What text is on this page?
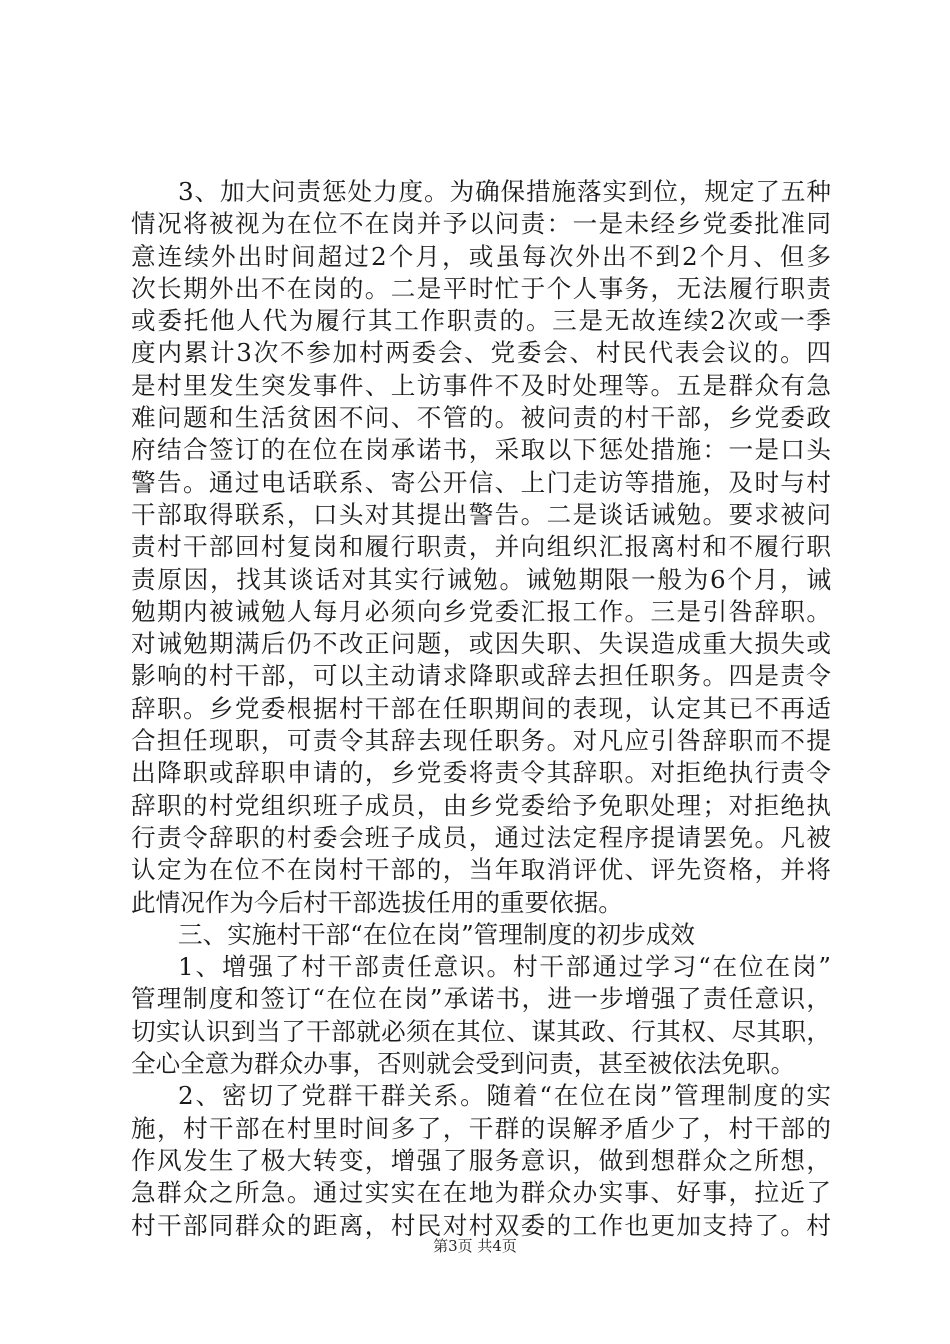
3、加大问责惩处力度。为确保措施落实到位，规定了五种
情况将被视为在位不在岗并予以问责：一是未经乡党委批准同
意连续外出时间超过2个月，或虽每次外出不到2个月、但多
次长期外出不在岗的。二是平时忙于个人事务，无法履行职责
或委托他人代为履行其工作职责的。三是无故连续2次或一季
度内累计3次不参加村两委会、党委会、村民代表会议的。四
是村里发生突发事件、上访事件不及时处理等。五是群众有急
难问题和生活贫困不问、不管的。被问责的村干部，乡党委政
府结合签订的在位在岗承诺书，采取以下惩处措施：一是口头
警告。通过电话联系、寄公开信、上门走访等措施，及时与村
干部取得联系，口头对其提出警告。二是谈话诫勉。要求被问
责村干部回村复岗和履行职责，并向组织汇报离村和不履行职
责原因，找其谈话对其实行诫勉。诫勉期限一般为6个月，诫
勉期内被诫勉人每月必须向乡党委汇报工作。三是引咎辞职。
对诫勉期满后仍不改正问题，或因失职、失误造成重大损失或
影响的村干部，可以主动请求降职或辞去担任职务。四是责令
辞职。乡党委根据村干部在任职期间的表现，认定其已不再适
合担任现职，可责令其辞去现任职务。对凡应引咎辞职而不提
出降职或辞职申请的，乡党委将责令其辞职。对拒绝执行责令
辞职的村党组织班子成员，由乡党委给予免职处理；对拒绝执
行责令辞职的村委会班子成员，通过法定程序提请罢免。凡被
认定为在位不在岗村干部的，当年取消评优、评先资格，并将
此情况作为今后村干部选拔任用的重要依据。
三、实施村干部“在位在岗”管理制度的初步成效
1、增强了村干部责任意识。村干部通过学习“在位在岗”
管理制度和签订“在位在岗”承诺书，进一步增强了责任意识，
切实认识到当了干部就必须在其位、谋其政、行其权、尽其职，
全心全意为群众办事，否则就会受到问责，甚至被依法免职。
2、密切了党群干群关系。随着“在位在岗”管理制度的实
施，村干部在村里时间多了，干群的误解矛盾少了，村干部的
作风发生了极大转变，增强了服务意识，做到想群众之所想，
急群众之所急。通过实实在在地为群众办实事、好事，拉近了
村干部同群众的距离，村民对村双委的工作也更加支持了。村
第3页 共4页
